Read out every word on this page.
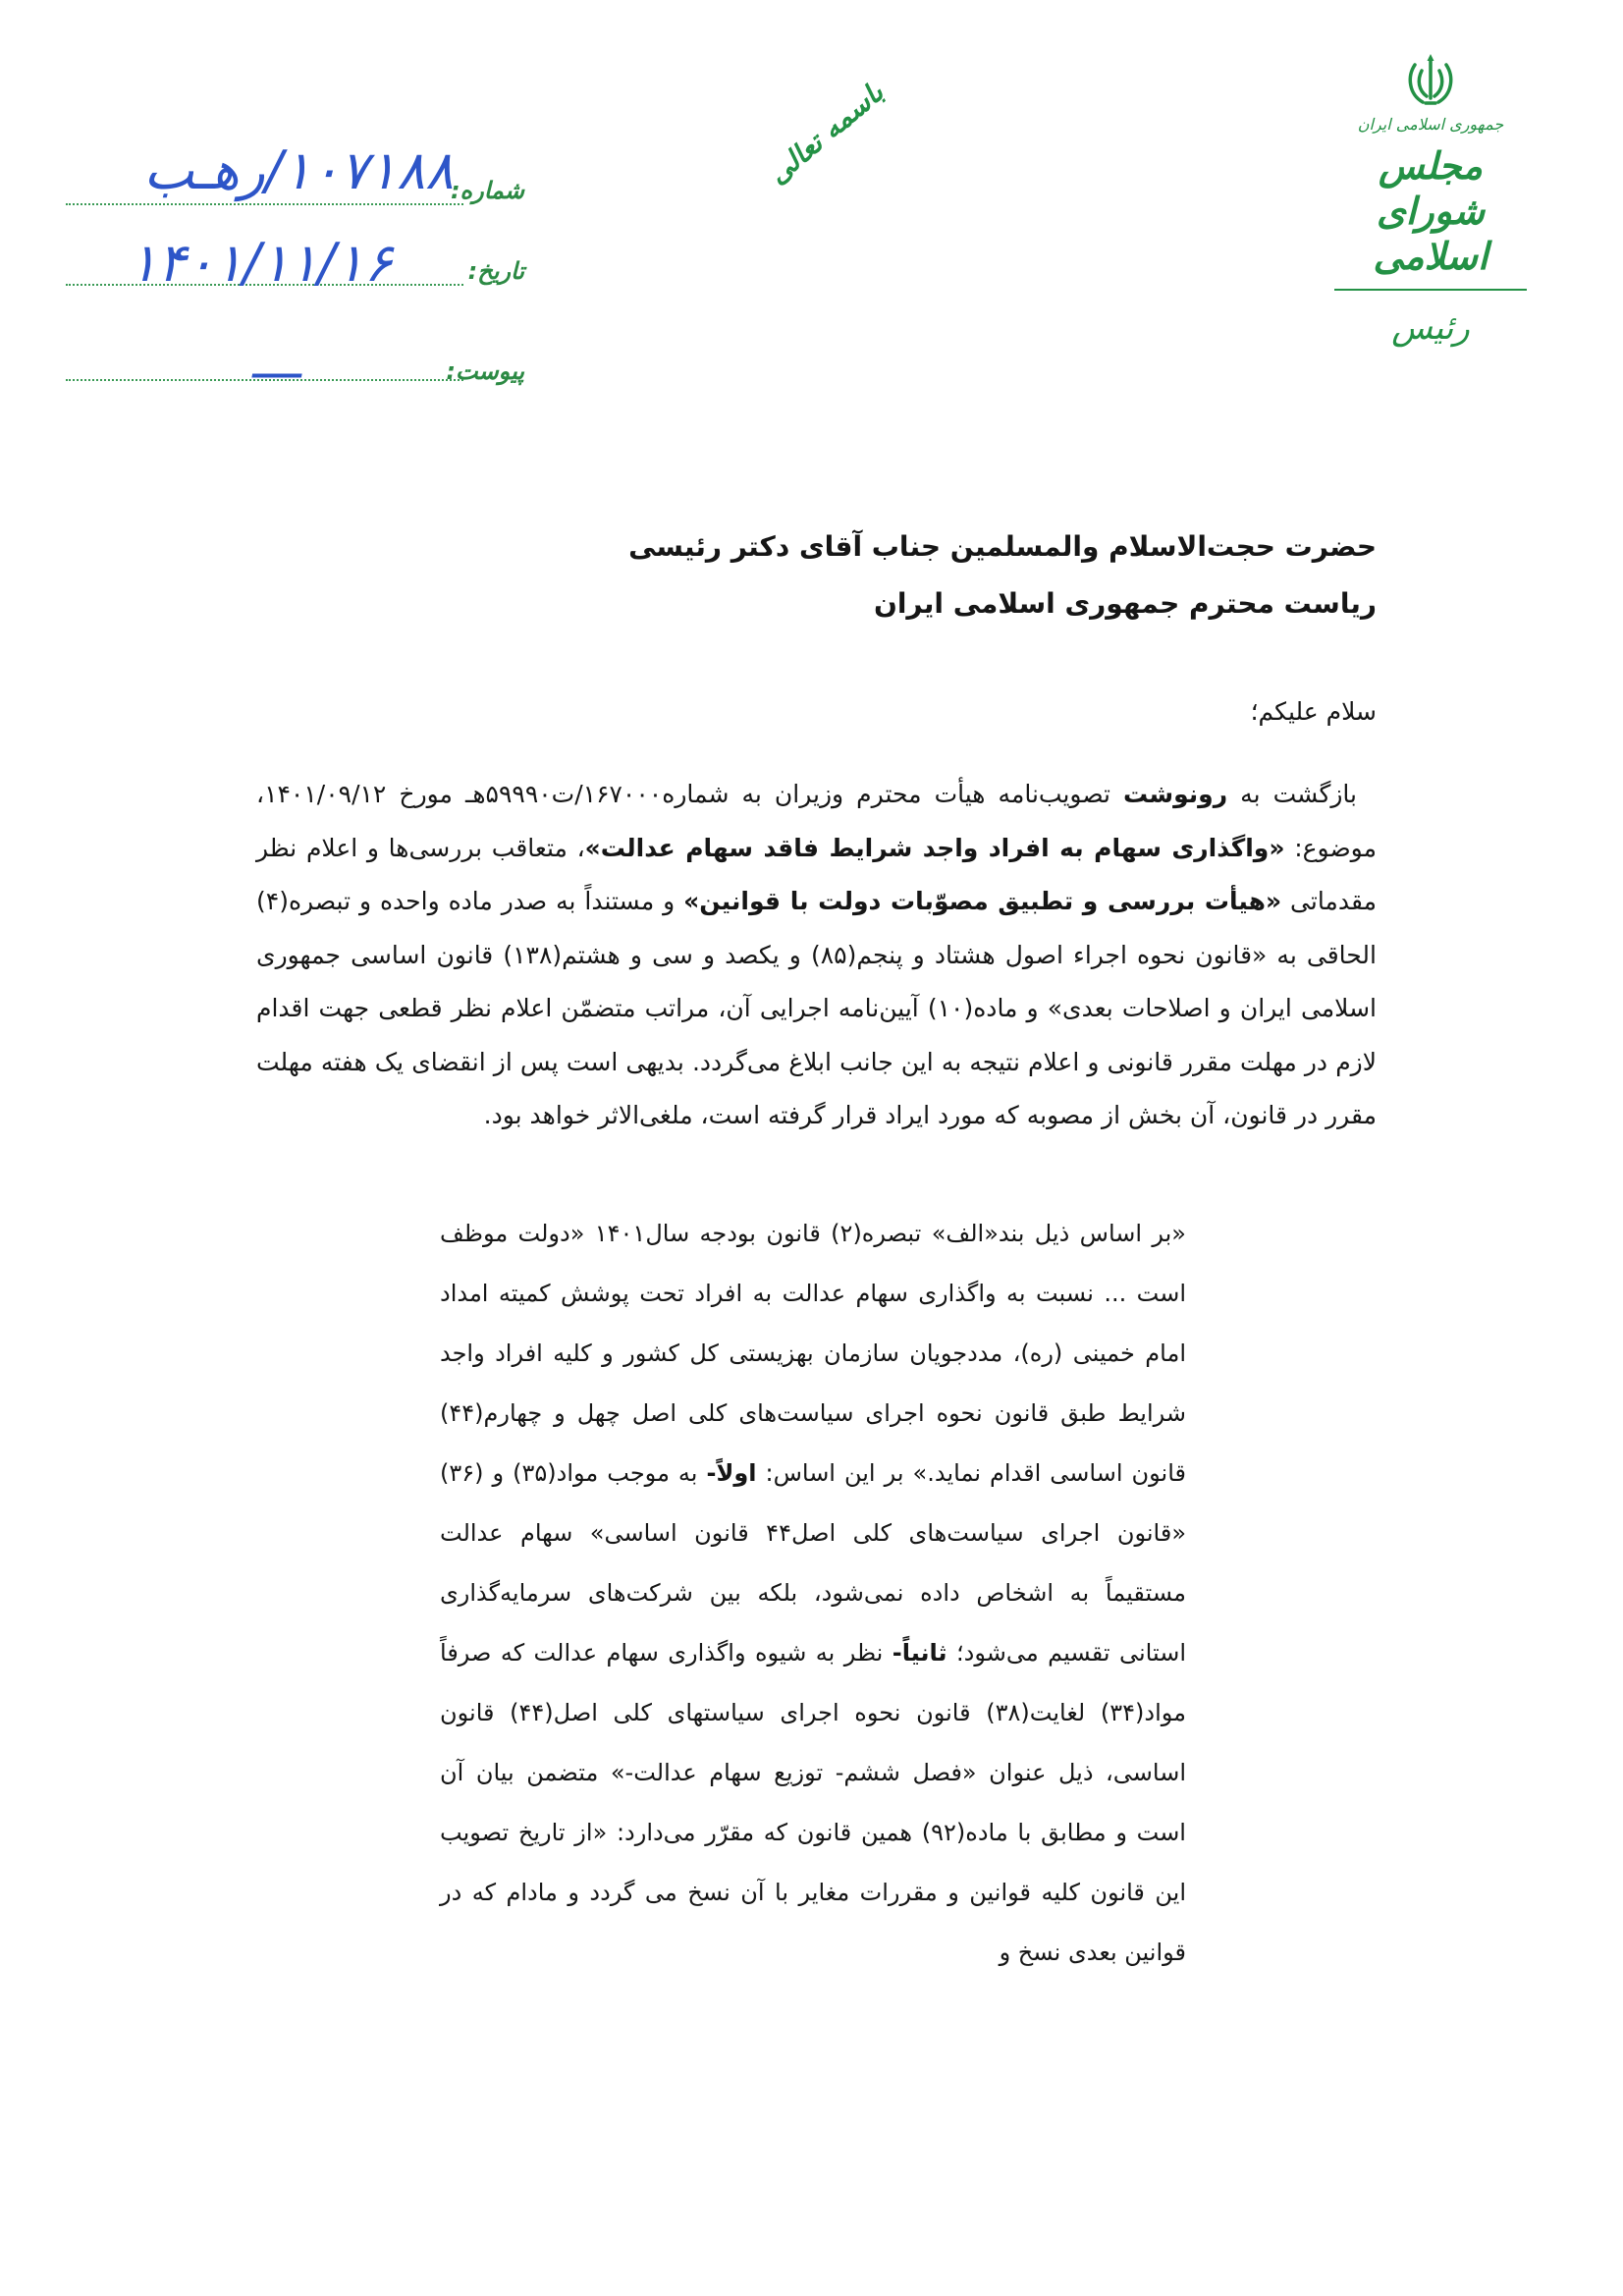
جمهوری اسلامی ایران
مجلس شورای اسلامی
رئیس
باسمه تعالی
شماره:
۱۰۷۱۸۸/رهـب
تاریخ:
۱۴۰۱/۱۱/۱۶
پیوست:
—
حضرت حجت‌الاسلام والمسلمین جناب آقای دکتر رئیسی
ریاست محترم جمهوری اسلامی ایران
سلام علیکم؛

بازگشت به رونوشت تصویب‌نامه هیأت محترم وزیران به شماره۱۶۷۰۰۰/ت۵۹۹۹۰هـ مورخ ۱۴۰۱/۰۹/۱۲، موضوع: «واگذاری سهام به افراد واجد شرایط فاقد سهام عدالت»، متعاقب بررسی‌ها و اعلام نظر مقدماتی «هیأت بررسی و تطبیق مصوّبات دولت با قوانین» و مستنداً به صدر ماده واحده و تبصره(۴) الحاقی به «قانون نحوه اجراء اصول هشتاد و پنجم(۸۵) و یکصد و سی و هشتم(۱۳۸) قانون اساسی جمهوری اسلامی ایران و اصلاحات بعدی» و ماده(۱۰) آیین‌نامه اجرایی آن، مراتب متضمّن اعلام نظر قطعی جهت اقدام لازم در مهلت مقرر قانونی و اعلام نتیجه به این جانب ابلاغ می‌گردد. بدیهی است پس از انقضای یک هفته مهلت مقرر در قانون، آن بخش از مصوبه که مورد ایراد قرار گرفته است، ملغی‌الاثر خواهد بود.

«بر اساس ذیل بند«الف» تبصره(۲) قانون بودجه سال۱۴۰۱ «دولت موظف است ... نسبت به واگذاری سهام عدالت به افراد تحت پوشش کمیته امداد امام خمینی (ره)، مددجویان سازمان بهزیستی کل کشور و کلیه افراد واجد شرایط طبق قانون نحوه اجرای سیاست‌های کلی اصل چهل و چهارم(۴۴) قانون اساسی اقدام نماید.» بر این اساس: اولاً- به موجب مواد(۳۵) و (۳۶) «قانون اجرای سیاست‌های کلی اصل۴۴ قانون اساسی» سهام عدالت مستقیماً به اشخاص داده نمی‌شود، بلکه بین شرکت‌های سرمایه‌گذاری استانی تقسیم می‌شود؛ ثانیاً- نظر به شیوه واگذاری سهام عدالت که صرفاً مواد(۳۴) لغایت(۳۸) قانون نحوه اجرای سیاستهای کلی اصل(۴۴) قانون اساسی، ذیل عنوان «فصل ششم- توزیع سهام عدالت-» متضمن بیان آن است و مطابق با ماده(۹۲) همین قانون که مقرّر می‌دارد: «از تاریخ تصویب این قانون کلیه قوانین و مقررات مغایر با آن نسخ می گردد و مادام که در قوانین بعدی نسخ و
